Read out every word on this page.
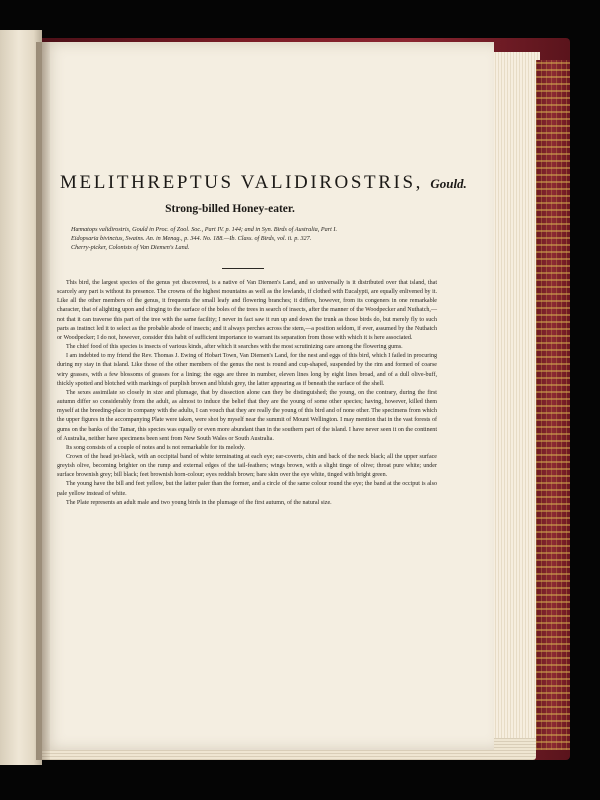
MELITHREPTUS VALIDIROSTRIS, Gould.
Strong-billed Honey-eater.
Hæmatops validirostris, Gould in Proc. of Zool. Soc., Part IV. p. 144; and in Syn. Birds of Australia, Part I.
Eidopsaria bivinctus, Swains. An. in Menag., p. 344. No. 188.—Ib. Class. of Birds, vol. ii. p. 327.
Cherry-picker, Colonists of Van Diemen's Land.

This bird, the largest species of the genus yet discovered, is a native of Van Diemen's Land, and so universally is it distributed over that island, that scarcely any part is without its presence. The crowns of the highest mountains as well as the lowlands, if clothed with Eucalypti, are equally enlivened by it. Like all the other members of the genus, it frequents the small leafy and flowering branches; it differs, however, from its congeners in one remarkable character, that of alighting upon and clinging to the surface of the boles of the trees in search of insects, after the manner of the Woodpecker and Nuthatch,—not that it can traverse this part of the tree with the same facility; I never in fact saw it run up and down the trunk as those birds do, but merely fly to such parts as instinct led it to select as the probable abode of insects; and it always perches across the stem,—a position seldom, if ever, assumed by the Nuthatch or Woodpecker; I do not, however, consider this habit of sufficient importance to warrant its separation from those with which it is here associated.

The chief food of this species is insects of various kinds, after which it searches with the most scrutinizing care among the flowering gums.

I am indebted to my friend the Rev. Thomas J. Ewing of Hobart Town, Van Diemen's Land, for the nest and eggs of this bird, which I failed in procuring during my stay in that island. Like those of the other members of the genus the nest is round and cup-shaped, suspended by the rim and formed of coarse wiry grasses, with a few blossoms of grasses for a lining; the eggs are three in number, eleven lines long by eight lines broad, and of a dull olive-buff, thickly spotted and blotched with markings of purplish brown and bluish grey, the latter appearing as if beneath the surface of the shell.

The sexes assimilate so closely in size and plumage, that by dissection alone can they be distinguished; the young, on the contrary, during the first autumn differ so considerably from the adult, as almost to induce the belief that they are the young of some other species; having, however, killed them myself at the breeding-place in company with the adults, I can vouch that they are really the young of this bird and of none other. The specimens from which the upper figures in the accompanying Plate were taken, were shot by myself near the summit of Mount Wellington. I may mention that in the vast forests of gums on the banks of the Tamar, this species was equally or even more abundant than in the southern part of the island. I have never seen it on the continent of Australia, neither have specimens been sent from New South Wales or South Australia.

Its song consists of a couple of notes and is not remarkable for its melody.

Crown of the head jet-black, with an occipital band of white terminating at each eye; ear-coverts, chin and back of the neck black; all the upper surface greyish olive, becoming brighter on the rump and external edges of the tail-feathers; wings brown, with a slight tinge of olive; throat pure white; under surface brownish grey; bill black; feet brownish horn-colour; eyes reddish brown; bare skin over the eye white, tinged with bright green.

The young have the bill and feet yellow, but the latter paler than the former, and a circle of the same colour round the eye; the band at the occiput is also pale yellow instead of white.

The Plate represents an adult male and two young birds in the plumage of the first autumn, of the natural size.
